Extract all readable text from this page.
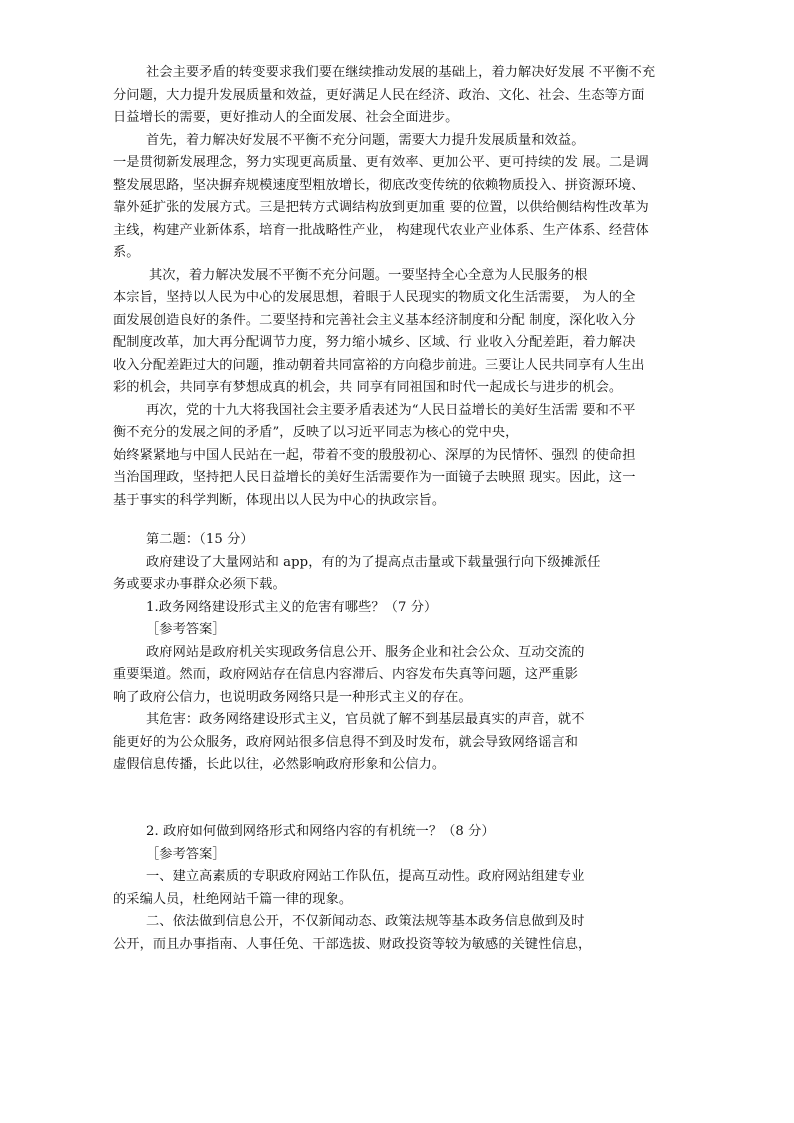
社会主要矛盾的转变要求我们要在继续推动发展的基础上，着力解决好发展 不平衡不充
分问题，大力提升发展质量和效益，更好满足人民在经济、政治、文化、社会、生态等方面
日益增长的需要，更好推动人的全面发展、社会全面进步。
首先，着力解决好发展不平衡不充分问题，需要大力提升发展质量和效益。
一是贯彻新发展理念，努力实现更高质量、更有效率、更加公平、更可持续的发 展。二是调
整发展思路，坚决摒弃规模速度型粗放增长，彻底改变传统的依赖物质投入、拼资源环境、
靠外延扩张的发展方式。三是把转方式调结构放到更加重 要的位置，以供给侧结构性改革为
主线，构建产业新体系，培育一批战略性产业， 构建现代农业产业体系、生产体系、经营体
系。
其次，着力解决发展不平衡不充分问题。一要坚持全心全意为人民服务的根
本宗旨，坚持以人民为中心的发展思想，着眼于人民现实的物质文化生活需要， 为人的全
面发展创造良好的条件。二要坚持和完善社会主义基本经济制度和分配 制度，深化收入分
配制度改革，加大再分配调节力度，努力缩小城乡、区域、行 业收入分配差距，着力解决
收入分配差距过大的问题，推动朝着共同富裕的方向稳步前进。三要让人民共同享有人生出
彩的机会，共同享有梦想成真的机会，共 同享有同祖国和时代一起成长与进步的机会。
再次，党的十九大将我国社会主要矛盾表述为“人民日益增长的美好生活需 要和不平
衡不充分的发展之间的矛盾”，反映了以习近平同志为核心的党中央，
始终紧紧地与中国人民站在一起，带着不变的殷殷初心、深厚的为民情怀、强烈 的使命担
当治国理政，坚持把人民日益增长的美好生活需要作为一面镜子去映照 现实。因此，这一
基于事实的科学判断，体现出以人民为中心的执政宗旨。
第二题：（15 分）
政府建设了大量网站和 app，有的为了提高点击量或下载量强行向下级摊派任
务或要求办事群众必须下载。
1.政务网络建设形式主义的危害有哪些？（7 分）
［参考答案］
政府网站是政府机关实现政务信息公开、服务企业和社会公众、互动交流的
重要渠道。然而，政府网站存在信息内容滞后、内容发布失真等问题，这严重影
响了政府公信力，也说明政务网络只是一种形式主义的存在。
其危害：政务网络建设形式主义，官员就了解不到基层最真实的声音，就不
能更好的为公众服务，政府网站很多信息得不到及时发布，就会导致网络谣言和
虚假信息传播，长此以往，必然影响政府形象和公信力。
2. 政府如何做到网络形式和网络内容的有机统一？（8 分）
［参考答案］
一、建立高素质的专职政府网站工作队伍，提高互动性。政府网站组建专业
的采编人员，杜绝网站千篇一律的现象。
二、依法做到信息公开，不仅新闻动态、政策法规等基本政务信息做到及时
公开，而且办事指南、人事任免、干部选拔、财政投资等较为敏感的关键性信息，
